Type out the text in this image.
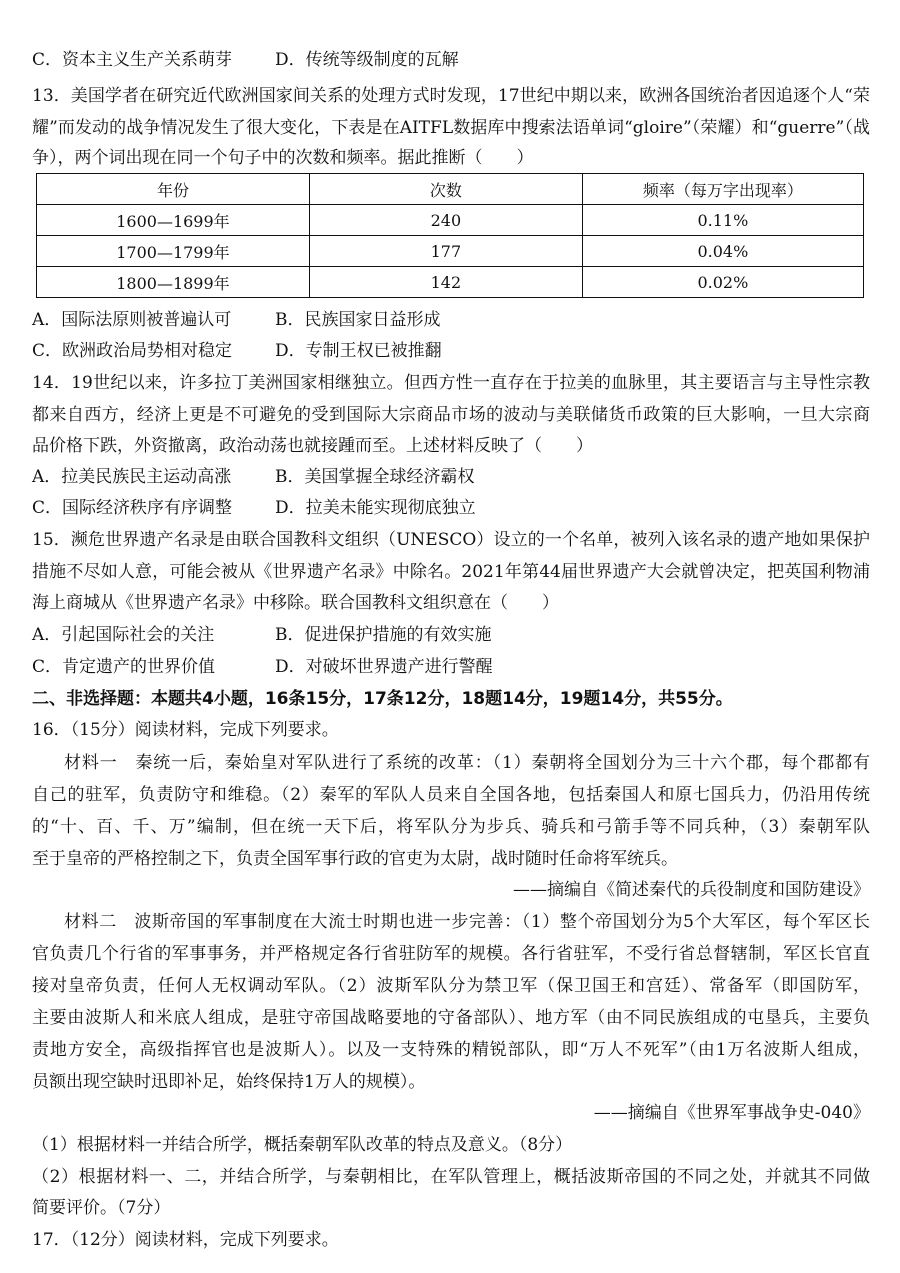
C．资本主义生产关系萌芽	D．传统等级制度的瓦解
13．美国学者在研究近代欧洲国家间关系的处理方式时发现，17世纪中期以来，欧洲各国统治者因追逐个人“荣
耀”而发动的战争情况发生了很大变化，下表是在AITFL数据库中搜索法语单词“gloire”（荣耀）和“guerre”（战
争），两个词出现在同一个句子中的次数和频率。据此推断（　　）
年份	次数	频率（每万字出现率）
1600—1699年	240	0.11%
1700—1799年	177	0.04%
1800—1899年	142	0.02%
A．国际法原则被普遍认可	B．民族国家日益形成
C．欧洲政治局势相对稳定	D．专制王权已被推翻
14．19世纪以来，许多拉丁美洲国家相继独立。但西方性一直存在于拉美的血脉里，其主要语言与主导性宗教
都来自西方，经济上更是不可避免的受到国际大宗商品市场的波动与美联储货币政策的巨大影响，一旦大宗商
品价格下跌，外资撤离，政治动荡也就接踵而至。上述材料反映了（　　）
A．拉美民族民主运动高涨	B．美国掌握全球经济霸权
C．国际经济秩序有序调整	D．拉美未能实现彻底独立
15．濒危世界遗产名录是由联合国教科文组织（UNESCO）设立的一个名单，被列入该名录的遗产地如果保护
措施不尽如人意，可能会被从《世界遗产名录》中除名。2021年第44届世界遗产大会就曾决定，把英国利物浦
海上商城从《世界遗产名录》中移除。联合国教科文组织意在（　　）
A．引起国际社会的关注	B．促进保护措施的有效实施
C．肯定遗产的世界价值	D．对破坏世界遗产进行警醒
二、非选择题：本题共4小题，16条15分，17条12分，18题14分，19题14分，共55分。
16．（15分）阅读材料，完成下列要求。
材料一　秦统一后，秦始皇对军队进行了系统的改革：（1）秦朝将全国划分为三十六个郡，每个郡都有
自己的驻军，负责防守和维稳。（2）秦军的军队人员来自全国各地，包括秦国人和原七国兵力，仍沿用传统
的“十、百、千、万”编制，但在统一天下后，将军队分为步兵、骑兵和弓箭手等不同兵种，（3）秦朝军队
至于皇帝的严格控制之下，负责全国军事行政的官吏为太尉，战时随时任命将军统兵。
——摘编自《简述秦代的兵役制度和国防建设》
材料二　波斯帝国的军事制度在大流士时期也进一步完善：（1）整个帝国划分为5个大军区，每个军区长
官负责几个行省的军事事务，并严格规定各行省驻防军的规模。各行省驻军，不受行省总督辖制，军区长官直
接对皇帝负责，任何人无权调动军队。（2）波斯军队分为禁卫军（保卫国王和宫廷）、常备军（即国防军，
主要由波斯人和米底人组成，是驻守帝国战略要地的守备部队）、地方军（由不同民族组成的屯垦兵，主要负
责地方安全，高级指挥官也是波斯人）。以及一支特殊的精锐部队，即“万人不死军”（由1万名波斯人组成，
员额出现空缺时迅即补足，始终保持1万人的规模）。
——摘编自《世界军事战争史-040》
（1）根据材料一并结合所学，概括秦朝军队改革的特点及意义。（8分）
（2）根据材料一、二，并结合所学，与秦朝相比，在军队管理上，概括波斯帝国的不同之处，并就其不同做
简要评价。（7分）
17．（12分）阅读材料，完成下列要求。
